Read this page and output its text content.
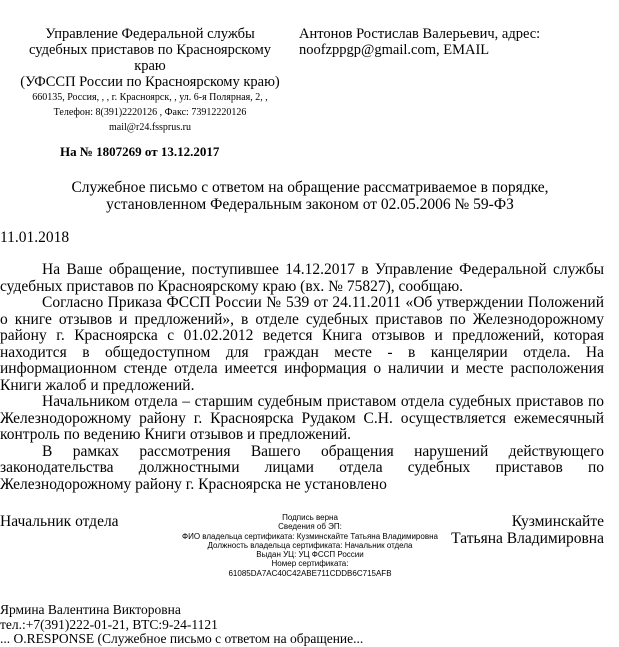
Управление Федеральной службы
судебных приставов по Красноярскому
краю
(УФССП России по Красноярскому краю)
660135, Россия, , , г. Красноярск, , ул. 6-я Полярная, 2, ,
Телефон: 8(391)2220126 , Факс: 73912220126
mail@r24.fssprus.ru
Антонов Ростислав Валерьевич, адрес:
noofzppgp@gmail.com, EMAIL
На № 1807269 от 13.12.2017
Служебное письмо с ответом на обращение рассматриваемое в порядке,
установленном Федеральным законом от 02.05.2006 № 59-ФЗ
11.01.2018

На Ваше обращение, поступившее 14.12.2017 в Управление Федеральной службы судебных приставов по Красноярскому краю (вх. № 75827), сообщаю.

Согласно Приказа ФССП России № 539 от 24.11.2011 «Об утверждении Положений о книге отзывов и предложений», в отделе судебных приставов по Железнодорожному району г. Красноярска с 01.02.2012 ведется Книга отзывов и предложений, которая находится в общедоступном для граждан месте - в канцелярии отдела. На информационном стенде отдела имеется информация о наличии и месте расположения Книги жалоб и предложений.

Начальником отдела – старшим судебным приставом отдела судебных приставов по Железнодорожному району г. Красноярска Рудаком С.Н. осуществляется ежемесячный контроль по ведению Книги отзывов и предложений.

В рамках рассмотрения Вашего обращения нарушений действующего законодательства должностными лицами отдела судебных приставов по Железнодорожному району г. Красноярска не установлено

Начальник отдела	Подпись верна
Сведения об ЭП:
ФИО владельца сертификата: Кузминскайте Татьяна Владимировна
Должность владельца сертификата: Начальник отдела
Выдан УЦ: УЦ ФССП России
Номер сертификата:
61085DA7AC40C42ABE711CDDB6C715AFB
Кузминскайте
Татьяна Владимировна
Ярмина Валентина Викторовна
тел.:+7(391)222-01-21, ВТС:9-24-1121
... О.RESPONSE (Служебное письмо с ответом на обращение...
